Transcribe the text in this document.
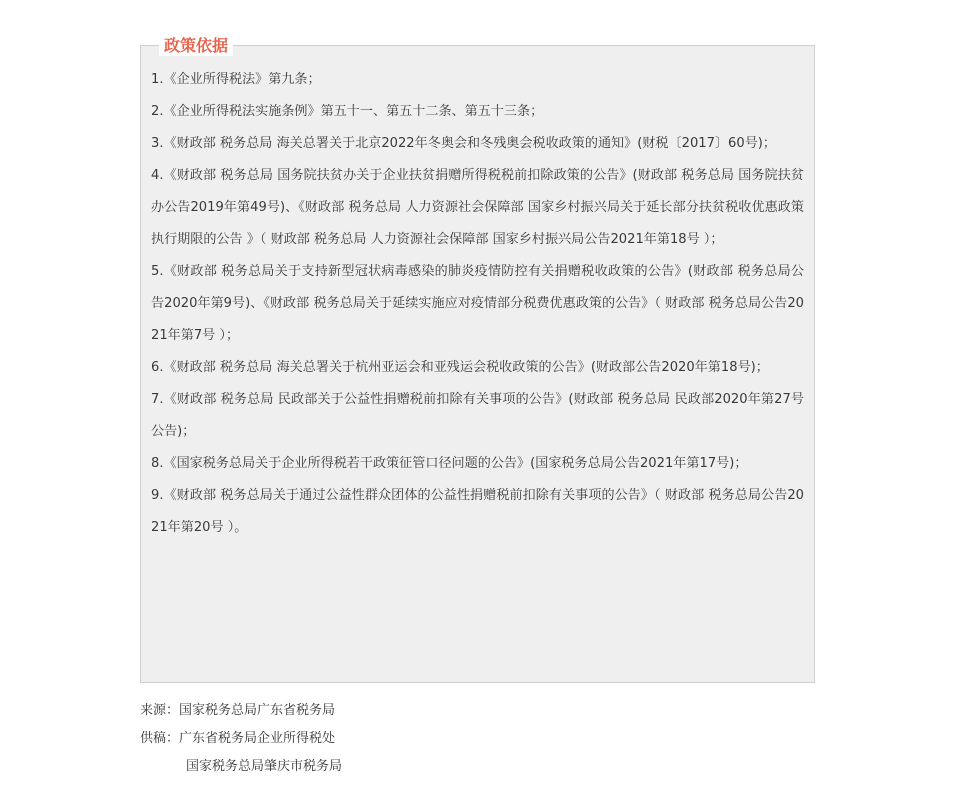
政策依据
1.《企业所得税法》第九条；
2.《企业所得税法实施条例》第五十一、第五十二条、第五十三条；
3.《财政部 税务总局 海关总署关于北京2022年冬奥会和冬残奥会税收政策的通知》(财税〔2017〕60号)；
4.《财政部 税务总局 国务院扶贫办关于企业扶贫捐赠所得税税前扣除政策的公告》(财政部 税务总局 国务院扶贫办公告2019年第49号)、《财政部 税务总局 人力资源社会保障部 国家乡村振兴局关于延长部分扶贫税收优惠政策执行期限的公告 》（ 财政部 税务总局 人力资源社会保障部 国家乡村振兴局公告2021年第18号 ）；
5.《财政部 税务总局关于支持新型冠状病毒感染的肺炎疫情防控有关捐赠税收政策的公告》(财政部 税务总局公告2020年第9号)、《财政部 税务总局关于延续实施应对疫情部分税费优惠政策的公告》（ 财政部 税务总局公告2021年第7号 ）；
6.《财政部 税务总局 海关总署关于杭州亚运会和亚残运会税收政策的公告》(财政部公告2020年第18号)；
7.《财政部 税务总局 民政部关于公益性捐赠税前扣除有关事项的公告》(财政部 税务总局 民政部2020年第27号公告)；
8.《国家税务总局关于企业所得税若干政策征管口径问题的公告》(国家税务总局公告2021年第17号)；
9.《财政部 税务总局关于通过公益性群众团体的公益性捐赠税前扣除有关事项的公告》（ 财政部 税务总局公告2021年第20号 ）。
来源：国家税务总局广东省税务局
供稿：广东省税务局企业所得税处
国家税务总局肇庆市税务局
